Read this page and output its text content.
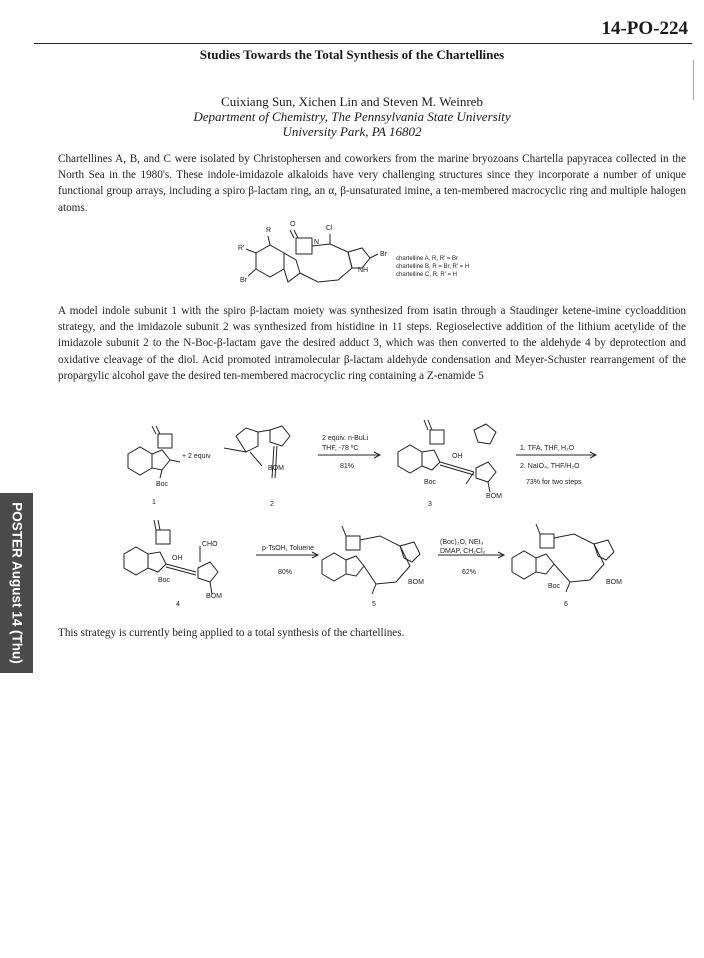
14-PO-224
Studies Towards the Total Synthesis of the Chartellines
Cuixiang Sun, Xichen Lin and Steven M. Weinreb
Department of Chemistry, The Pennsylvania State University
University Park, PA 16802
Chartellines A, B, and C were isolated by Christophersen and coworkers from the marine bryozoans Chartella papyracea collected in the North Sea in the 1980's. These indole-imidazole alkaloids have very challenging structures since they incorporate a number of unique functional group arrays, including a spiro β-lactam ring, an α, β-unsaturated imine, a ten-membered macrocyclic ring and multiple halogen atoms.
A model indole subunit 1 with the spiro β-lactam moiety was synthesized from isatin through a Staudinger ketene-imine cycloaddition strategy, and the imidazole subunit 2 was synthesized from histidine in 11 steps. Regioselective addition of the lithium acetylide of the imidazole subunit 2 to the N-Boc-β-lactam gave the desired adduct 3, which was then converted to the aldehyde 4 by deprotection and oxidative cleavage of the diol. Acid promoted intramolecular β-lactam aldehyde condensation and Meyer-Schuster rearrangement of the propargylic alcohol gave the desired ten-membered macrocyclic ring containing a Z-enamide 5
This strategy is currently being applied to a total synthesis of the chartellines.
O
R
R'
Br
N
Cl
Br
NH
chartelline A, R, R' = Br
chartelline B, R = Br, R' = H
chartelline C, R, R' = H
+ 2 equiv
Boc
1
BOM
2
2 equiv. n-BuLi
THF, -78 ºC
81%
OH
Boc
BOM
3
1. TFA, THF, H₂O
2. NaIO₄, THF/H₂O
73% for two steps
CHO
OH
Boc
BOM
4
p-TsOH, Toluene
80%
BOM
5
(Boc)₂O, NEt₃
DMAP, CH₂Cl₂
62%
Boc
BOM
6
POSTER August 14 (Thu)
